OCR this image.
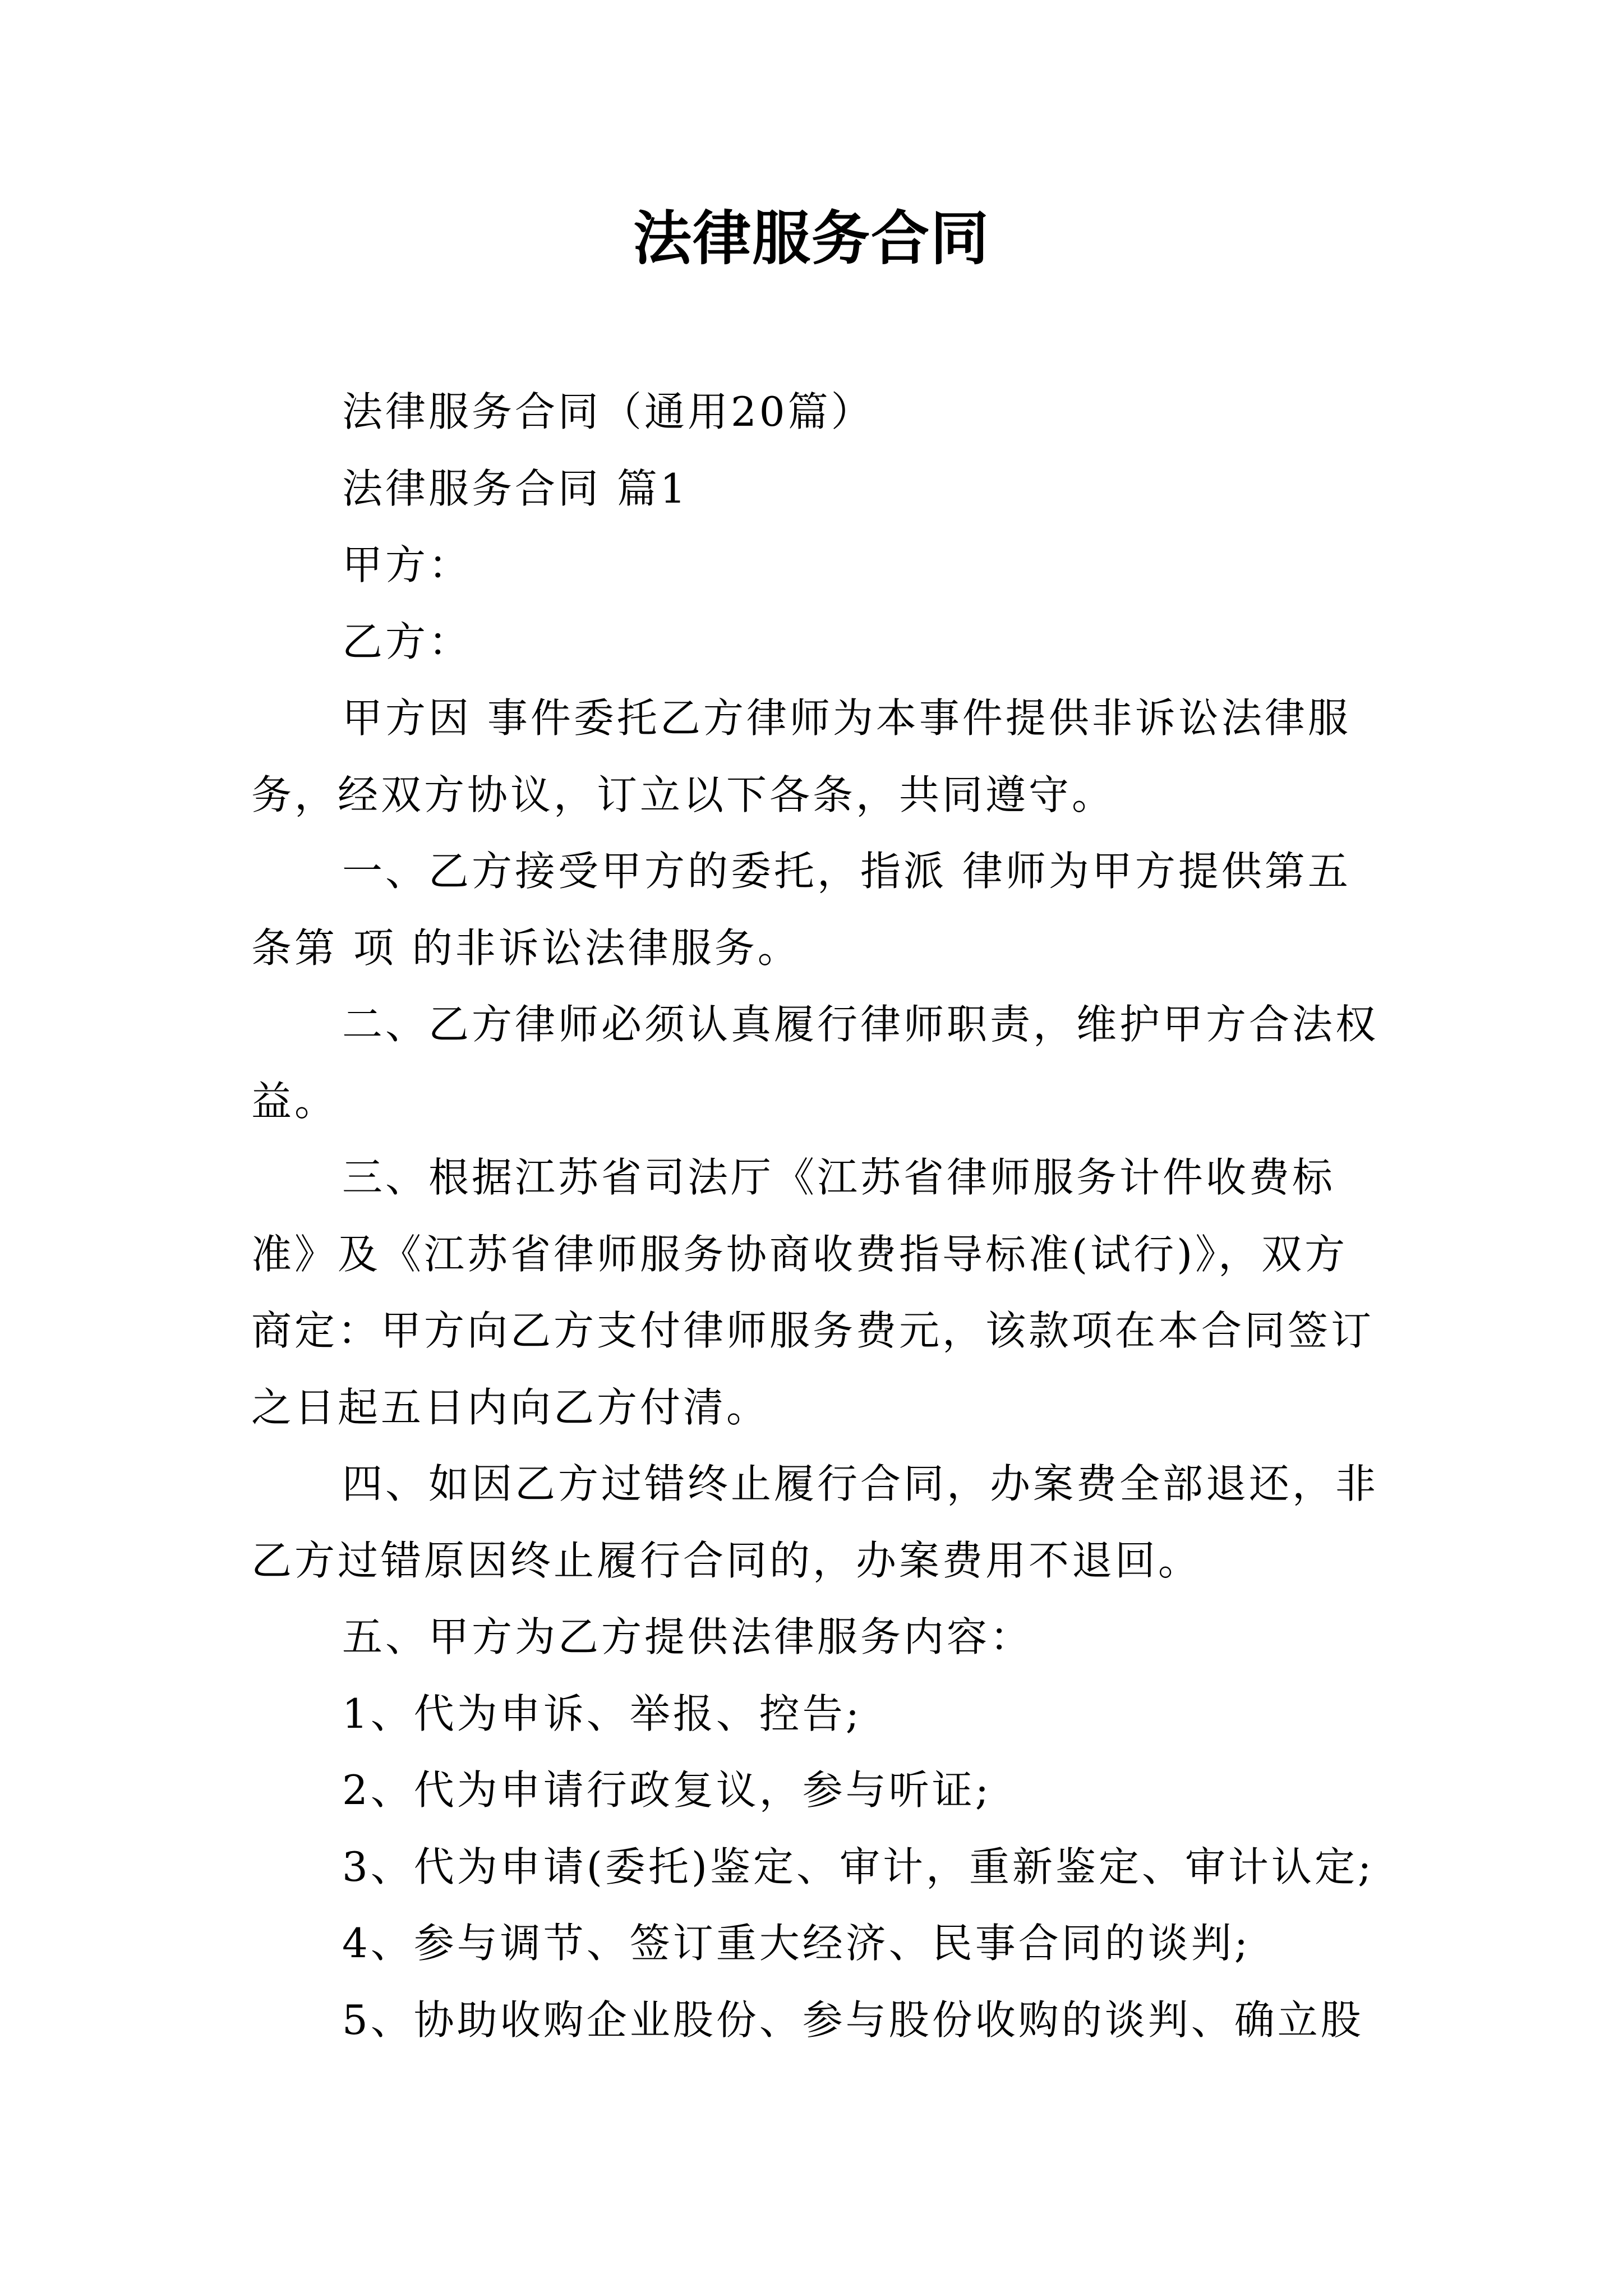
法律服务合同

法律服务合同（通用20篇）

法律服务合同 篇1

甲方：

乙方：

甲方因 事件委托乙方律师为本事件提供非诉讼法律服务，经双方协议，订立以下各条，共同遵守。

一、乙方接受甲方的委托，指派 律师为甲方提供第五条第 项 的非诉讼法律服务。

二、乙方律师必须认真履行律师职责，维护甲方合法权益。

三、根据江苏省司法厅《江苏省律师服务计件收费标准》及《江苏省律师服务协商收费指导标准(试行)》，双方商定：甲方向乙方支付律师服务费元，该款项在本合同签订之日起五日内向乙方付清。

四、如因乙方过错终止履行合同，办案费全部退还，非乙方过错原因终止履行合同的，办案费用不退回。

五、甲方为乙方提供法律服务内容：

1、代为申诉、举报、控告;

2、代为申请行政复议，参与听证;

3、代为申请(委托)鉴定、审计，重新鉴定、审计认定;

4、参与调节、签订重大经济、民事合同的谈判;

5、协助收购企业股份、参与股份收购的谈判、确立股
